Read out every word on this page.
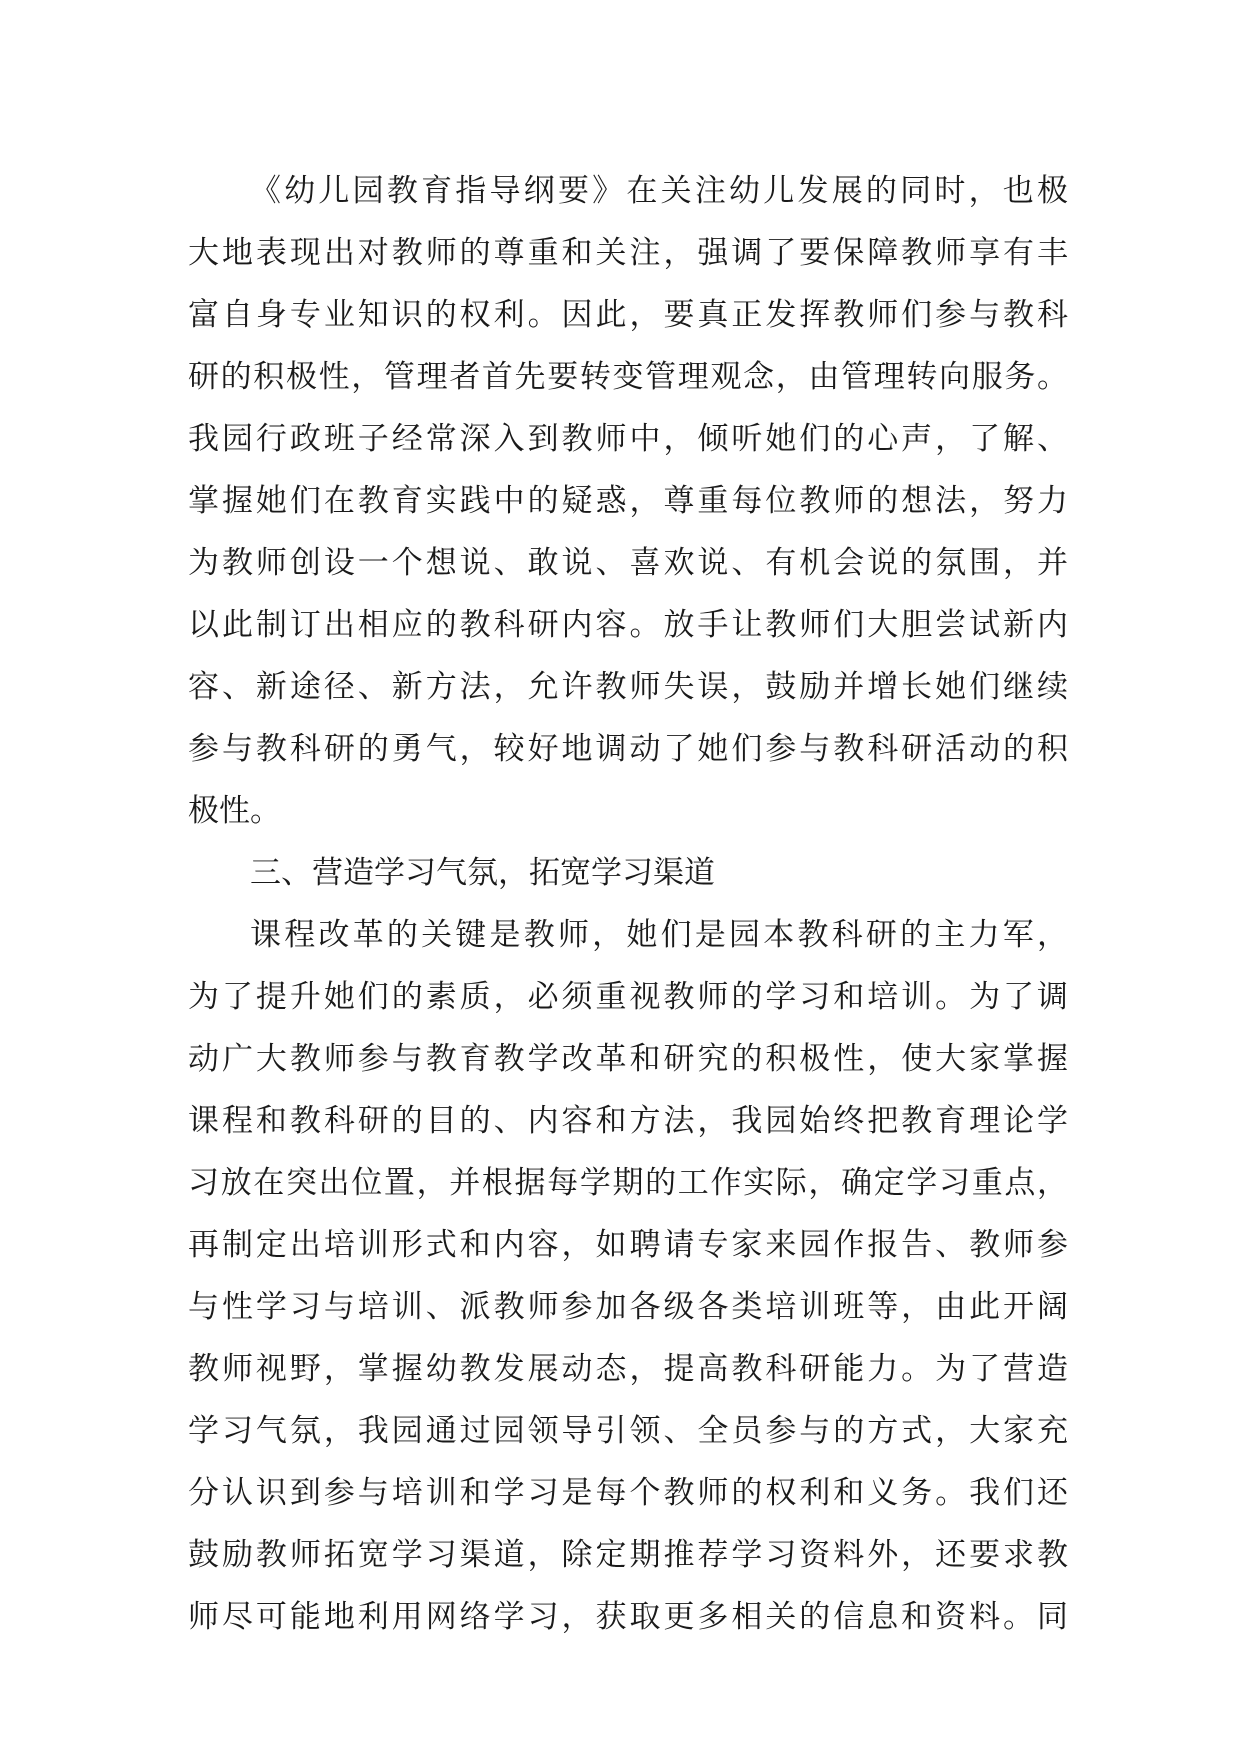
《幼儿园教育指导纲要》在关注幼儿发展的同时，也极
大地表现出对教师的尊重和关注，强调了要保障教师享有丰
富自身专业知识的权利。因此，要真正发挥教师们参与教科
研的积极性，管理者首先要转变管理观念，由管理转向服务。
我园行政班子经常深入到教师中，倾听她们的心声，了解、
掌握她们在教育实践中的疑惑，尊重每位教师的想法，努力
为教师创设一个想说、敢说、喜欢说、有机会说的氛围，并
以此制订出相应的教科研内容。放手让教师们大胆尝试新内
容、新途径、新方法，允许教师失误，鼓励并增长她们继续
参与教科研的勇气，较好地调动了她们参与教科研活动的积
极性。
三、营造学习气氛，拓宽学习渠道
课程改革的关键是教师，她们是园本教科研的主力军，
为了提升她们的素质，必须重视教师的学习和培训。为了调
动广大教师参与教育教学改革和研究的积极性，使大家掌握
课程和教科研的目的、内容和方法，我园始终把教育理论学
习放在突出位置，并根据每学期的工作实际，确定学习重点，
再制定出培训形式和内容，如聘请专家来园作报告、教师参
与性学习与培训、派教师参加各级各类培训班等，由此开阔
教师视野，掌握幼教发展动态，提高教科研能力。为了营造
学习气氛，我园通过园领导引领、全员参与的方式，大家充
分认识到参与培训和学习是每个教师的权利和义务。我们还
鼓励教师拓宽学习渠道，除定期推荐学习资料外，还要求教
师尽可能地利用网络学习，获取更多相关的信息和资料。同
